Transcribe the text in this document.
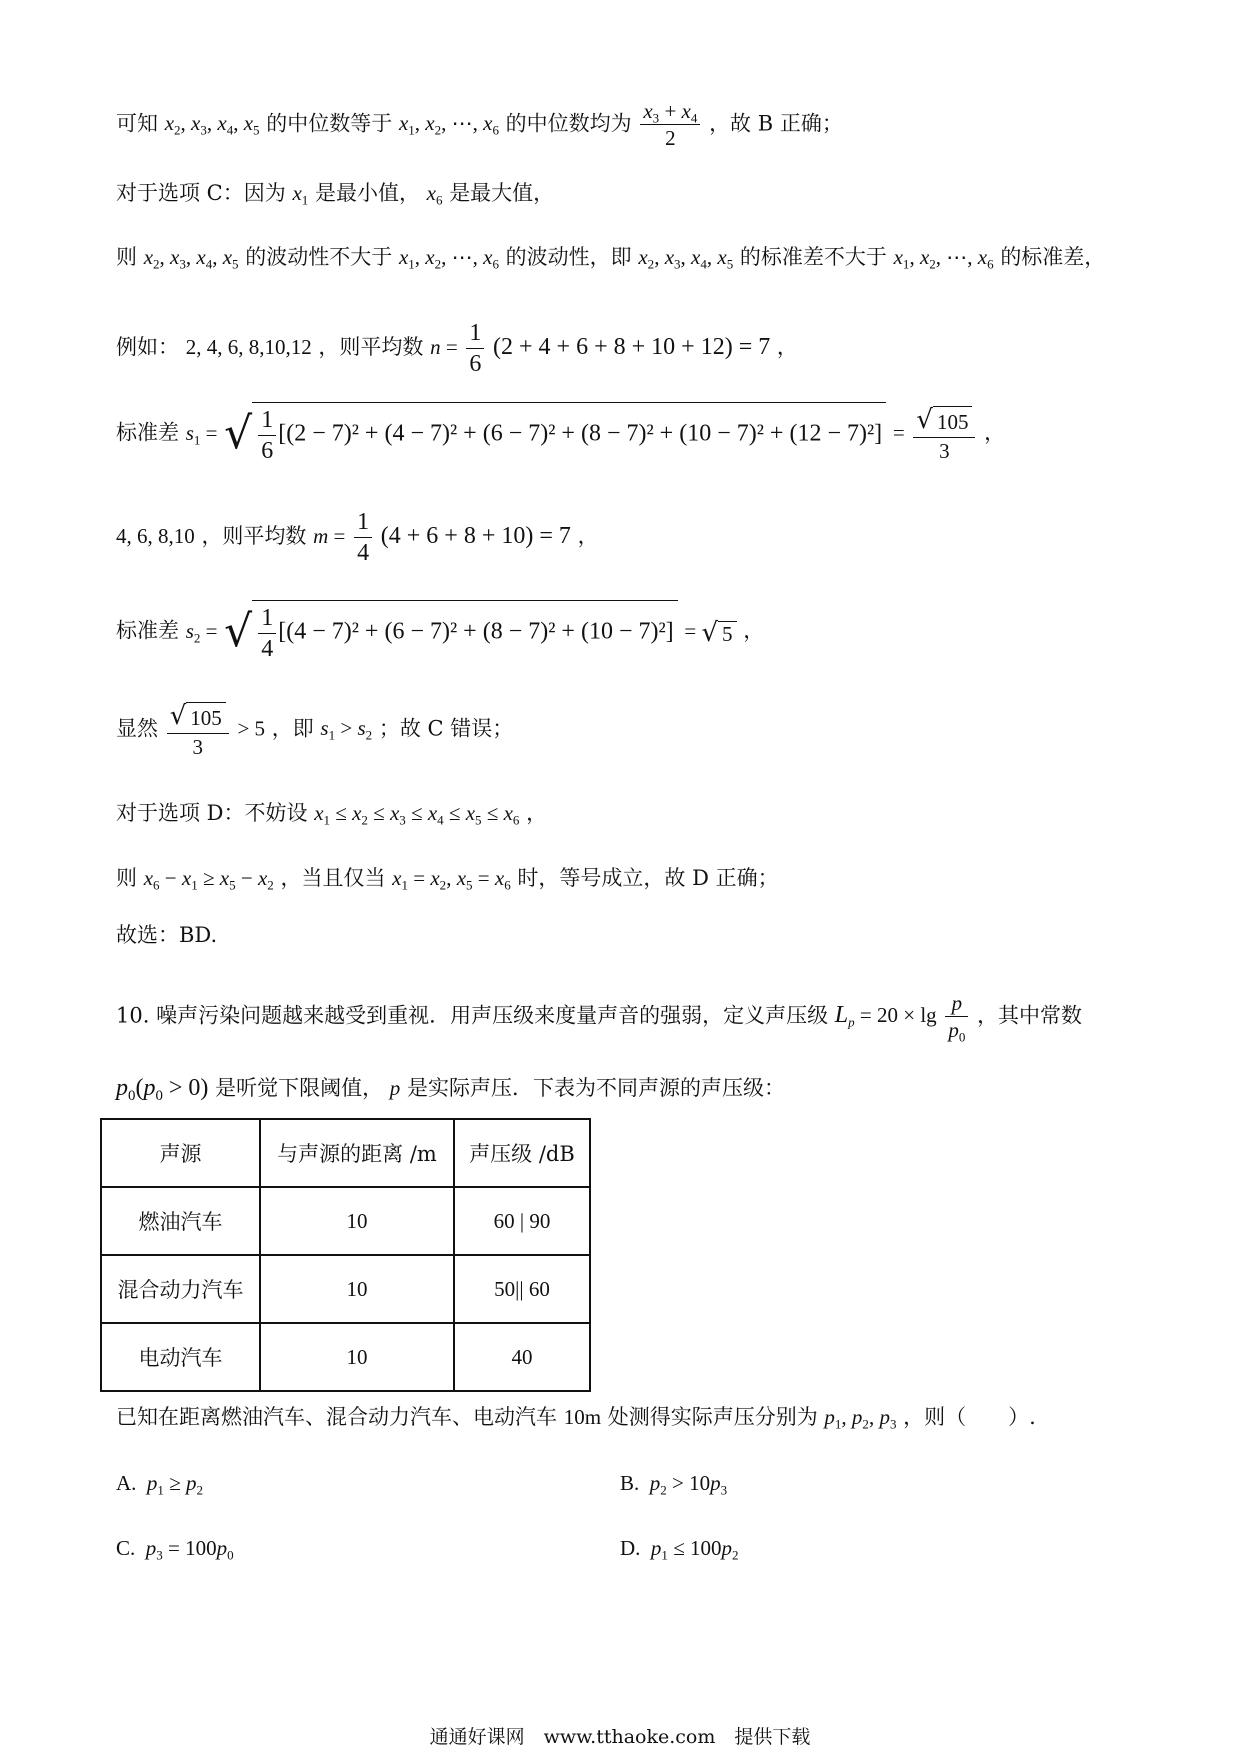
可知 $x_2$, $x_3$, $x_4$, $x_5$ 的中位数等于 $x_1$, $x_2$, ⋯, $x_6$ 的中位数均为 $\frac{x_3 + x_4}{2}$ ，故 B 正确；
对于选项 C：因为 $x_1$ 是最小值， $x_6$ 是最大值，
则 $x_2$, $x_3$, $x_4$, $x_5$ 的波动性不大于 $x_1$, $x_2$, ⋯, $x_6$ 的波动性，即 $x_2$, $x_3$, $x_4$, $x_5$ 的标准差不大于 $x_1$, $x_2$, ⋯, $x_6$ 的标准差，
例如： 2, 4, 6, 8,10,12 ，则平均数 $n = \frac{1}{6} (2 + 4 + 6 + 8 + 10 + 12) = 7$ ，
标准差 $s_1$ = √ $\frac{1}{6} [(2 - 7)^2 + (4 - 7)^2 + (6 - 7)^2 + (8 - 7)^2 + (10 - 7)^2 + (12 - 7)^2] = \frac{√ 105}{3}$ ，
4, 6, 8,10 ，则平均数 $m = \frac{1}{4} (4 + 6 + 8 + 10) = 7$ ，
标准差 $s_2$ = √ $\frac{1}{4} [(4 - 7)^2 + (6 - 7)^2 + (8 - 7)^2 + (10 - 7)^2]$ = √ 5 ，
显然 $\frac{√ 105}{3} > 5$ ，即 $s_1 > s_2$ ；故 C 错误；
对于选项 D：不妨设 $x_1 \le x_2 \le x_3 \le x_4 \le x_5 \le x_6$ ，
则 $x_6 - x_1 \ge x_5 - x_2$ ，当且仅当 $x_1 = x_2$, $x_5 = x_6$ 时，等号成立，故 D 正确；
故选：BD.
10. 噪声污染问题越来越受到重视．用声压级来度量声音的强弱，定义声压级 $L_p = 20 \times \lg \frac{p}{p_0}$ ，其中常数
$p_0(p_0 > 0)$ 是听觉下限阈值， p 是实际声压．下表为不同声源的声压级：
声源	与声源的距离 /m	声压级 /dB
燃油汽车	10	60 | 90
混合动力汽车	10	50|| 60
电动汽车	10	40
已知在距离燃油汽车、混合动力汽车、电动汽车 10m 处测得实际声压分别为 $p_1$, $p_2$, $p_3$ ，则（　　）.
A. $p_1 \ge p_2$	B. $p_2 > 10p_3$
C. $p_3 = 100p_0$	D. $p_1 \le 100p_2$
通通好课网　www.tthaoke.com　提供下载
